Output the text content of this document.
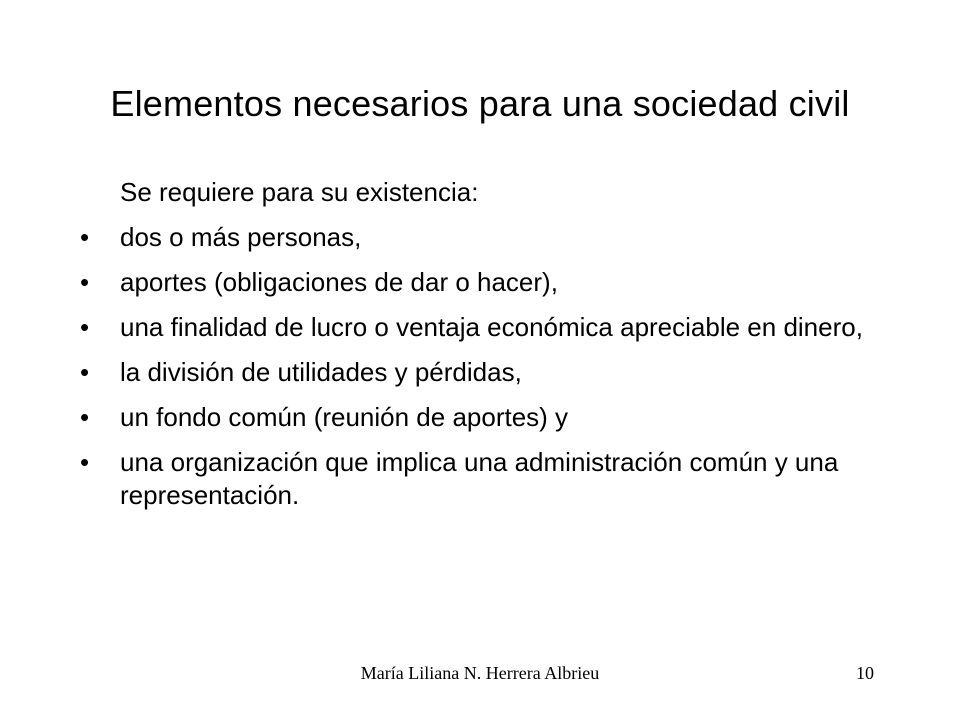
Elementos necesarios para una sociedad civil
Se requiere para su existencia:
•	dos o más personas,
•	aportes (obligaciones de dar o hacer),
•	una finalidad de lucro o ventaja económica apreciable en dinero,
•	la división de utilidades y pérdidas,
•	un fondo común (reunión de aportes) y
•	una organización que implica una administración común y una representación.
María Liliana N. Herrera Albrieu	10
